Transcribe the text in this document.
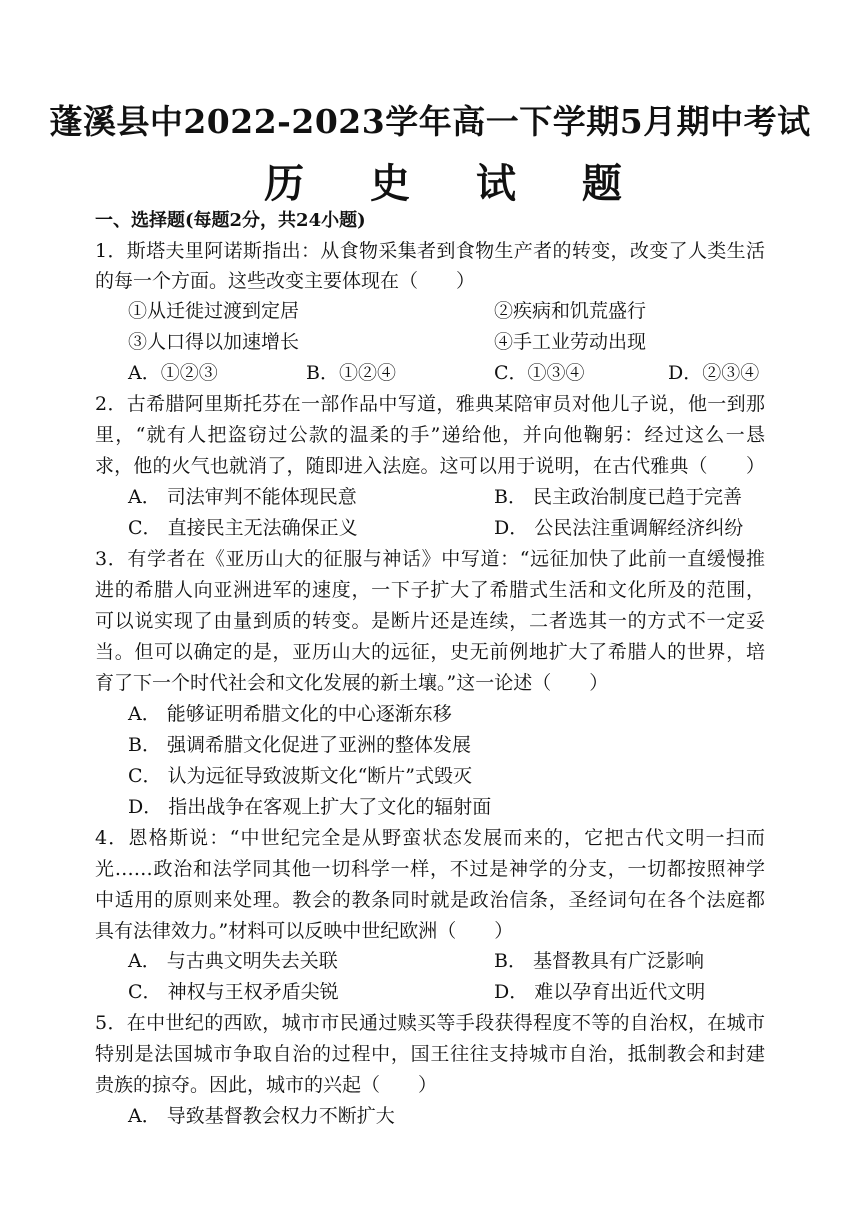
蓬溪县中2022-2023学年高一下学期5月期中考试
历 史 试 题
一、选择题(每题2分，共24小题)
1．斯塔夫里阿诺斯指出：从食物采集者到食物生产者的转变，改变了人类生活
的每一个方面。这些改变主要体现在（　　）
①从迁徙过渡到定居	②疾病和饥荒盛行
③人口得以加速增长	④手工业劳动出现
A．①②③	B．①②④	C．①③④	D．②③④
2．古希腊阿里斯托芬在一部作品中写道，雅典某陪审员对他儿子说，他一到那
里，“就有人把盗窃过公款的温柔的手”递给他，并向他鞠躬：经过这么一恳
求，他的火气也就消了，随即进入法庭。这可以用于说明，在古代雅典（　　）
A． 司法审判不能体现民意	B． 民主政治制度已趋于完善
C． 直接民主无法确保正义	D． 公民法注重调解经济纠纷
3．有学者在《亚历山大的征服与神话》中写道：“远征加快了此前一直缓慢推
进的希腊人向亚洲进军的速度，一下子扩大了希腊式生活和文化所及的范围，
可以说实现了由量到质的转变。是断片还是连续，二者选其一的方式不一定妥
当。但可以确定的是，亚历山大的远征，史无前例地扩大了希腊人的世界，培
育了下一个时代社会和文化发展的新土壤。”这一论述（　　）
A． 能够证明希腊文化的中心逐渐东移
B． 强调希腊文化促进了亚洲的整体发展
C． 认为远征导致波斯文化“断片”式毁灭
D． 指出战争在客观上扩大了文化的辐射面
4．恩格斯说：“中世纪完全是从野蛮状态发展而来的，它把古代文明一扫而
光……政治和法学同其他一切科学一样，不过是神学的分支，一切都按照神学
中适用的原则来处理。教会的教条同时就是政治信条，圣经词句在各个法庭都
具有法律效力。”材料可以反映中世纪欧洲（　　）
A． 与古典文明失去关联	B． 基督教具有广泛影响
C． 神权与王权矛盾尖锐	D． 难以孕育出近代文明
5．在中世纪的西欧，城市市民通过赎买等手段获得程度不等的自治权，在城市
特别是法国城市争取自治的过程中，国王往往支持城市自治，抵制教会和封建
贵族的掠夺。因此，城市的兴起（　　）
A． 导致基督教会权力不断扩大
